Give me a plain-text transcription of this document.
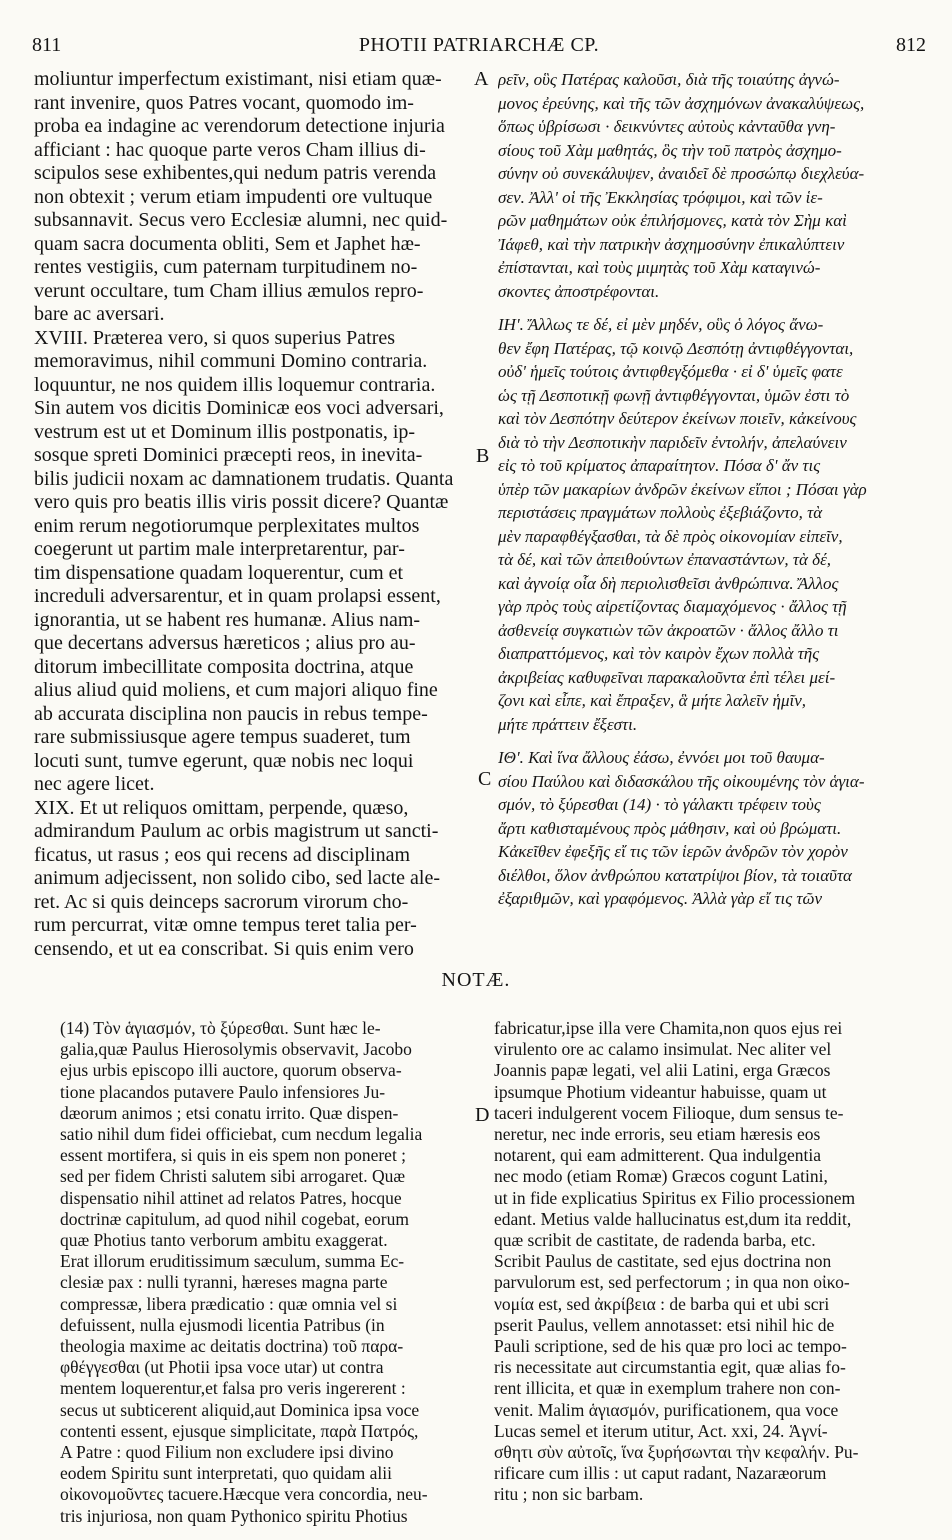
811	PHOTII PATRIARCHÆ CP.	812
moliuntur imperfectum existimant, nisi etiam quæ-
rant invenire, quos Patres vocant, quomodo im-
proba ea indagine ac verendorum detectione injuria
afficiant : hac quoque parte veros Cham illius di-
scipulos sese exhibentes,qui nedum patris verenda
non obtexit ; verum etiam impudenti ore vultuque
subsannavit. Secus vero Ecclesiæ alumni, nec quid-
quam sacra documenta obliti, Sem et Japhet hæ-
rentes vestigiis, cum paternam turpitudinem no-
verunt occultare, tum Cham illius æmulos repro-
bare ac aversari.
XVIII. Præterea vero, si quos superius Patres
memoravimus, nihil communi Domino contraria.
loquuntur, ne nos quidem illis loquemur contraria.
Sin autem vos dicitis Dominicæ eos voci adversari,
vestrum est ut et Dominum illis postponatis, ip-
sosque spreti Dominici præcepti reos, in inevita-
bilis judicii noxam ac damnationem trudatis. Quanta
vero quis pro beatis illis viris possit dicere? Quantæ
enim rerum negotiorumque perplexitates multos
coegerunt ut partim male interpretarentur, par-
tim dispensatione quadam loquerentur, cum et
increduli adversarentur, et in quam prolapsi essent,
ignorantia, ut se habent res humanæ. Alius nam-
que decertans adversus hæreticos ; alius pro au-
ditorum imbecillitate composita doctrina, atque
alius aliud quid moliens, et cum majori aliquo fine
ab accurata disciplina non paucis in rebus tempe-
rare submissiusque agere tempus suaderet, tum
locuti sunt, tumve egerunt, quæ nobis nec loqui
nec agere licet.
XIX. Et ut reliquos omittam, perpende, quæso,
admirandum Paulum ac orbis magistrum ut sancti-
ficatus, ut rasus ; eos qui recens ad disciplinam
animum adjecissent, non solido cibo, sed lacte ale-
ret. Ac si quis deinceps sacrorum virorum cho-
rum percurrat, vitæ omne tempus teret talia per-
censendo, et ut ea conscribat. Si quis enim vero
ρεῖν, οὓς Πατέρας καλοῦσι, διὰ τῆς τοιαύτης ἀγνώ-
μονος ἐρεύνης, καὶ τῆς τῶν ἀσχημόνων ἀνακαλύψεως,
ὅπως ὑβρίσωσι · δεικνύντες αὐτοὺς κἀνταῦθα γνη-
σίους τοῦ Χὰμ μαθητάς, ὃς τὴν τοῦ πατρὸς ἀσχημο-
σύνην οὐ συνεκάλυψεν, ἀναιδεῖ δὲ προσώπῳ διεχλεύα-
σεν. Ἀλλ' οἱ τῆς Ἐκκλησίας τρόφιμοι, καὶ τῶν ἱε-
ρῶν μαθημάτων οὐκ ἐπιλήσμονες, κατὰ τὸν Σὴμ καὶ
Ἰάφεθ, καὶ τὴν πατρικὴν ἀσχημοσύνην ἐπικαλύπτειν
ἐπίστανται, καὶ τοὺς μιμητὰς τοῦ Χὰμ καταγινώ-
σκοντες ἀποστρέφονται.
ΙΗ'. Ἄλλως τε δέ, εἰ μὲν μηδέν, οὓς ὁ λόγος ἄνω-
θεν ἔφη Πατέρας, τῷ κοινῷ Δεσπότῃ ἀντιφθέγγονται,
οὐδ' ἡμεῖς τούτοις ἀντιφθεγξόμεθα · εἰ δ' ὑμεῖς φατε
ὡς τῇ Δεσποτικῇ φωνῇ ἀντιφθέγγονται, ὑμῶν ἐστι τὸ
καὶ τὸν Δεσπότην δεύτερον ἐκείνων ποιεῖν, κἀκείνους
διὰ τὸ τὴν Δεσποτικὴν παριδεῖν ἐντολήν, ἀπελαύνειν
εἰς τὸ τοῦ κρίματος ἀπαραίτητον. Πόσα δ' ἄν τις
ὑπὲρ τῶν μακαρίων ἀνδρῶν ἐκείνων εἴποι ; Πόσαι γὰρ
περιστάσεις πραγμάτων πολλοὺς ἐξεβιάζοντο, τὰ
μὲν παραφθέγξασθαι, τὰ δὲ πρὸς οἰκονομίαν εἰπεῖν,
τὰ δέ, καὶ τῶν ἀπειθούντων ἐπαναστάντων, τὰ δέ,
καὶ ἀγνοίᾳ οἷα δὴ περιολισθεῖσι ἀνθρώπινα. Ἄλλος
γὰρ πρὸς τοὺς αἱρετίζοντας διαμαχόμενος · ἄλλος τῇ
ἀσθενείᾳ συγκατιὼν τῶν ἀκροατῶν · ἄλλος ἄλλο τι
διαπραττόμενος, καὶ τὸν καιρὸν ἔχων πολλὰ τῆς
ἀκριβείας καθυφεῖναι παρακαλοῦντα ἐπὶ τέλει μεί-
ζονι καὶ εἶπε, καὶ ἔπραξεν, ἃ μήτε λαλεῖν ἡμῖν,
μήτε πράττειν ἔξεστι.
ΙΘ'. Καὶ ἵνα ἄλλους ἐάσω, ἐννόει μοι τοῦ θαυμα-
σίου Παύλου καὶ διδασκάλου τῆς οἰκουμένης τὸν ἁγια-
σμόν, τὸ ξύρεσθαι (14) · τὸ γάλακτι τρέφειν τοὺς
ἄρτι καθισταμένους πρὸς μάθησιν, καὶ οὐ βρώματι.
Κἀκεῖθεν ἐφεξῆς εἴ τις τῶν ἱερῶν ἀνδρῶν τὸν χορὸν
διέλθοι, ὅλον ἀνθρώπου κατατρίψοι βίον, τὰ τοιαῦτα
ἐξαριθμῶν, καὶ γραφόμενος. Ἀλλὰ γὰρ εἴ τις τῶν
A
B
C
D
NOTÆ.
(14) Τὸν ἁγιασμόν, τὸ ξύρεσθαι. Sunt hæc le-
galia,quæ Paulus Hierosolymis observavit, Jacobo
ejus urbis episcopo illi auctore, quorum observa-
tione placandos putavere Paulo infensiores Ju-
dæorum animos ; etsi conatu irrito. Quæ dispen-
satio nihil dum fidei officiebat, cum necdum legalia
essent mortifera, si quis in eis spem non poneret ;
sed per fidem Christi salutem sibi arrogaret. Quæ
dispensatio nihil attinet ad relatos Patres, hocque
doctrinæ capitulum, ad quod nihil cogebat, eorum
quæ Photius tanto verborum ambitu exaggerat.
Erat illorum eruditissimum sæculum, summa Ec-
clesiæ pax : nulli tyranni, hæreses magna parte
compressæ, libera prædicatio : quæ omnia vel si
defuissent, nulla ejusmodi licentia Patribus (in
theologia maxime ac deitatis doctrina) τοῦ παρα-
φθέγγεσθαι (ut Photii ipsa voce utar) ut contra
mentem loquerentur,et falsa pro veris ingererent :
secus ut subticerent aliquid,aut Dominica ipsa voce
contenti essent, ejusque simplicitate, παρὰ Πατρός,
A Patre : quod Filium non excludere ipsi divino
eodem Spiritu sunt interpretati, quo quidam alii
οἰκονομοῦντες tacuere.Hæcque vera concordia, neu-
tris injuriosa, non quam Pythonico spiritu Photius
fabricatur,ipse illa vere Chamita,non quos ejus rei
virulento ore ac calamo insimulat. Nec aliter vel
Joannis papæ legati, vel alii Latini, erga Græcos
ipsumque Photium videantur habuisse, quam ut
taceri indulgerent vocem Filioque, dum sensus te-
neretur, nec inde erroris, seu etiam hæresis eos
notarent, qui eam admitterent. Qua indulgentia
nec modo (etiam Romæ) Græcos cogunt Latini,
ut in fide explicatius Spiritus ex Filio processionem
edant. Metius valde hallucinatus est,dum ita reddit,
quæ scribit de castitate, de radenda barba, etc.
Scribit Paulus de castitate, sed ejus doctrina non
parvulorum est, sed perfectorum ; in qua non οἰκο-
νομία est, sed ἀκρίβεια : de barba qui et ubi scri
pserit Paulus, vellem annotasset: etsi nihil hic de
Pauli scriptione, sed de his quæ pro loci ac tempo-
ris necessitate aut circumstantia egit, quæ alias fo-
rent illicita, et quæ in exemplum trahere non con-
venit. Malim ἁγιασμόν, purificationem, qua voce
Lucas semel et iterum utitur, Act. xxi, 24. Ἁγνί-
σθητι σὺν αὐτοῖς, ἵνα ξυρήσωνται τὴν κεφαλήν. Pu-
rificare cum illis : ut caput radant, Nazaræorum
ritu ; non sic barbam.
